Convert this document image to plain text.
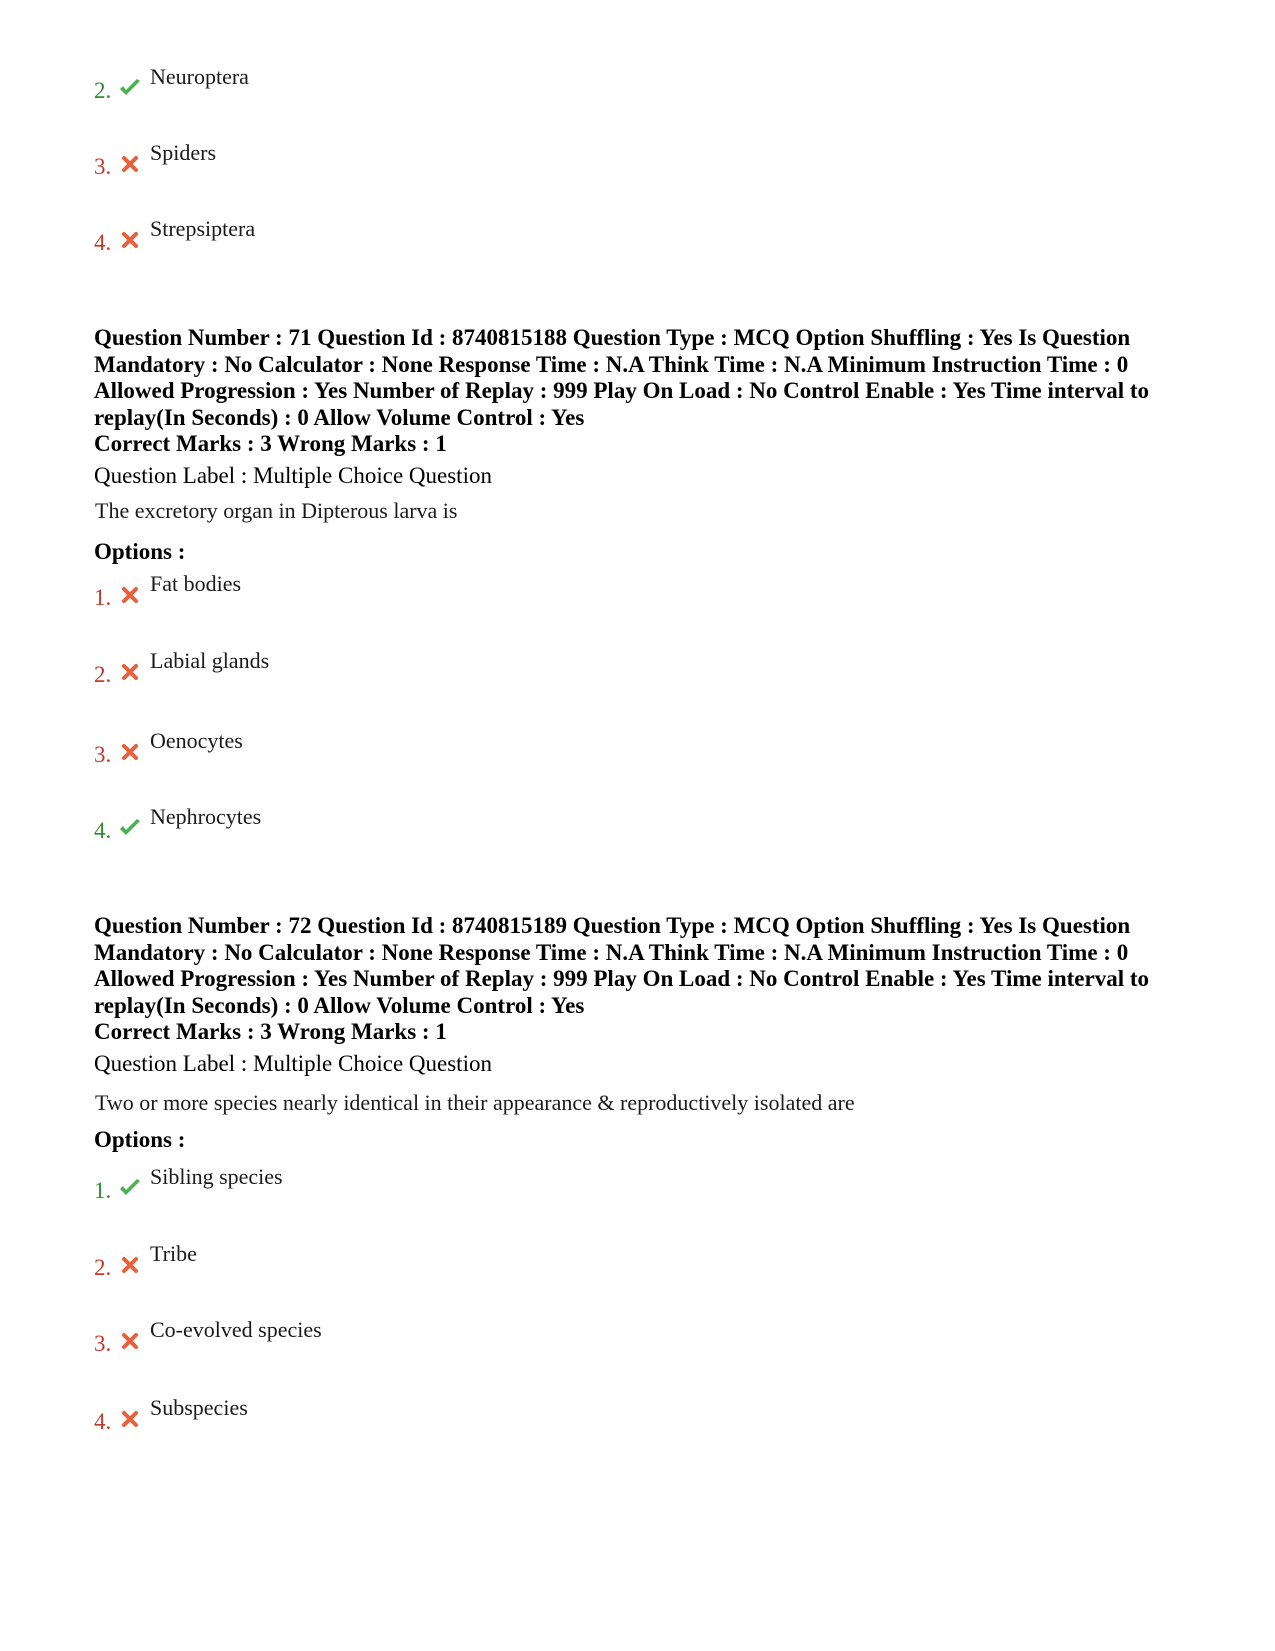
2.
Neuroptera
3.
Spiders
4.
Strepsiptera
Question Number : 71 Question Id : 8740815188 Question Type : MCQ Option Shuffling : Yes Is Question Mandatory : No Calculator : None Response Time : N.A Think Time : N.A Minimum Instruction Time : 0 Allowed Progression : Yes Number of Replay : 999 Play On Load : No Control Enable : Yes Time interval to replay(In Seconds) : 0 Allow Volume Control : Yes
Correct Marks : 3 Wrong Marks : 1
Question Label : Multiple Choice Question
The excretory organ in Dipterous larva is
Options :
1.
Fat bodies
2.
Labial glands
3.
Oenocytes
4.
Nephrocytes
Question Number : 72 Question Id : 8740815189 Question Type : MCQ Option Shuffling : Yes Is Question Mandatory : No Calculator : None Response Time : N.A Think Time : N.A Minimum Instruction Time : 0 Allowed Progression : Yes Number of Replay : 999 Play On Load : No Control Enable : Yes Time interval to replay(In Seconds) : 0 Allow Volume Control : Yes
Correct Marks : 3 Wrong Marks : 1
Question Label : Multiple Choice Question
Two or more species nearly identical in their appearance & reproductively isolated are
Options :
1.
Sibling species
2.
Tribe
3.
Co-evolved species
4.
Subspecies
